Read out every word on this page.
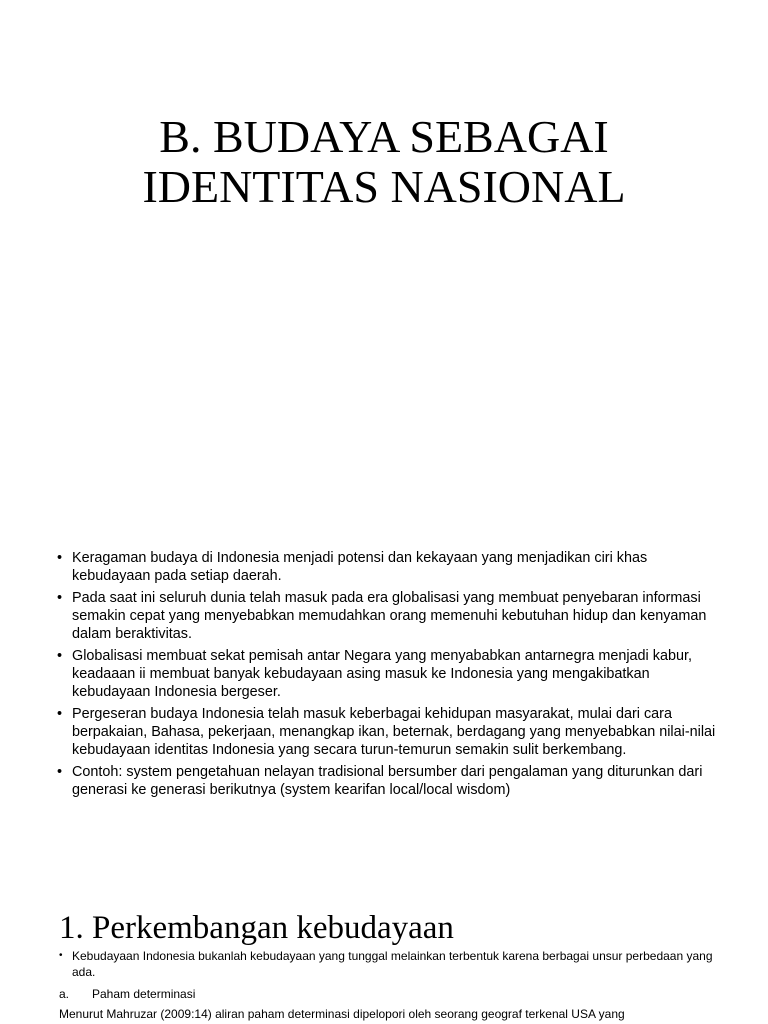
B. BUDAYA SEBAGAI
IDENTITAS NASIONAL
• Keragaman budaya di Indonesia menjadi potensi dan kekayaan yang menjadikan ciri khas kebudayaan pada setiap daerah.
• Pada saat ini seluruh dunia telah masuk pada era globalisasi yang membuat penyebaran informasi semakin cepat yang menyebabkan memudahkan orang memenuhi kebutuhan hidup dan kenyaman dalam beraktivitas.
• Globalisasi membuat sekat pemisah antar Negara yang menyababkan antarnegra menjadi kabur, keadaaan ii membuat banyak kebudayaan asing masuk ke Indonesia yang mengakibatkan kebudayaan Indonesia bergeser.
• Pergeseran budaya Indonesia telah masuk keberbagai kehidupan masyarakat, mulai dari cara berpakaian, Bahasa, pekerjaan, menangkap ikan, beternak, berdagang yang menyebabkan nilai-nilai kebudayaan identitas Indonesia yang secara turun-temurun semakin sulit berkembang.
• Contoh: system pengetahuan nelayan tradisional bersumber dari pengalaman yang diturunkan dari generasi ke generasi berikutnya (system kearifan local/local wisdom)
1. Perkembangan kebudayaan
• Kebudayaan Indonesia bukanlah kebudayaan yang tunggal melainkan terbentuk karena berbagai unsur perbedaan yang ada.
a. Paham determinasi

Menurut Mahruzar (2009:14) aliran paham determinasi dipelopori oleh seorang geograf terkenal USA yang
